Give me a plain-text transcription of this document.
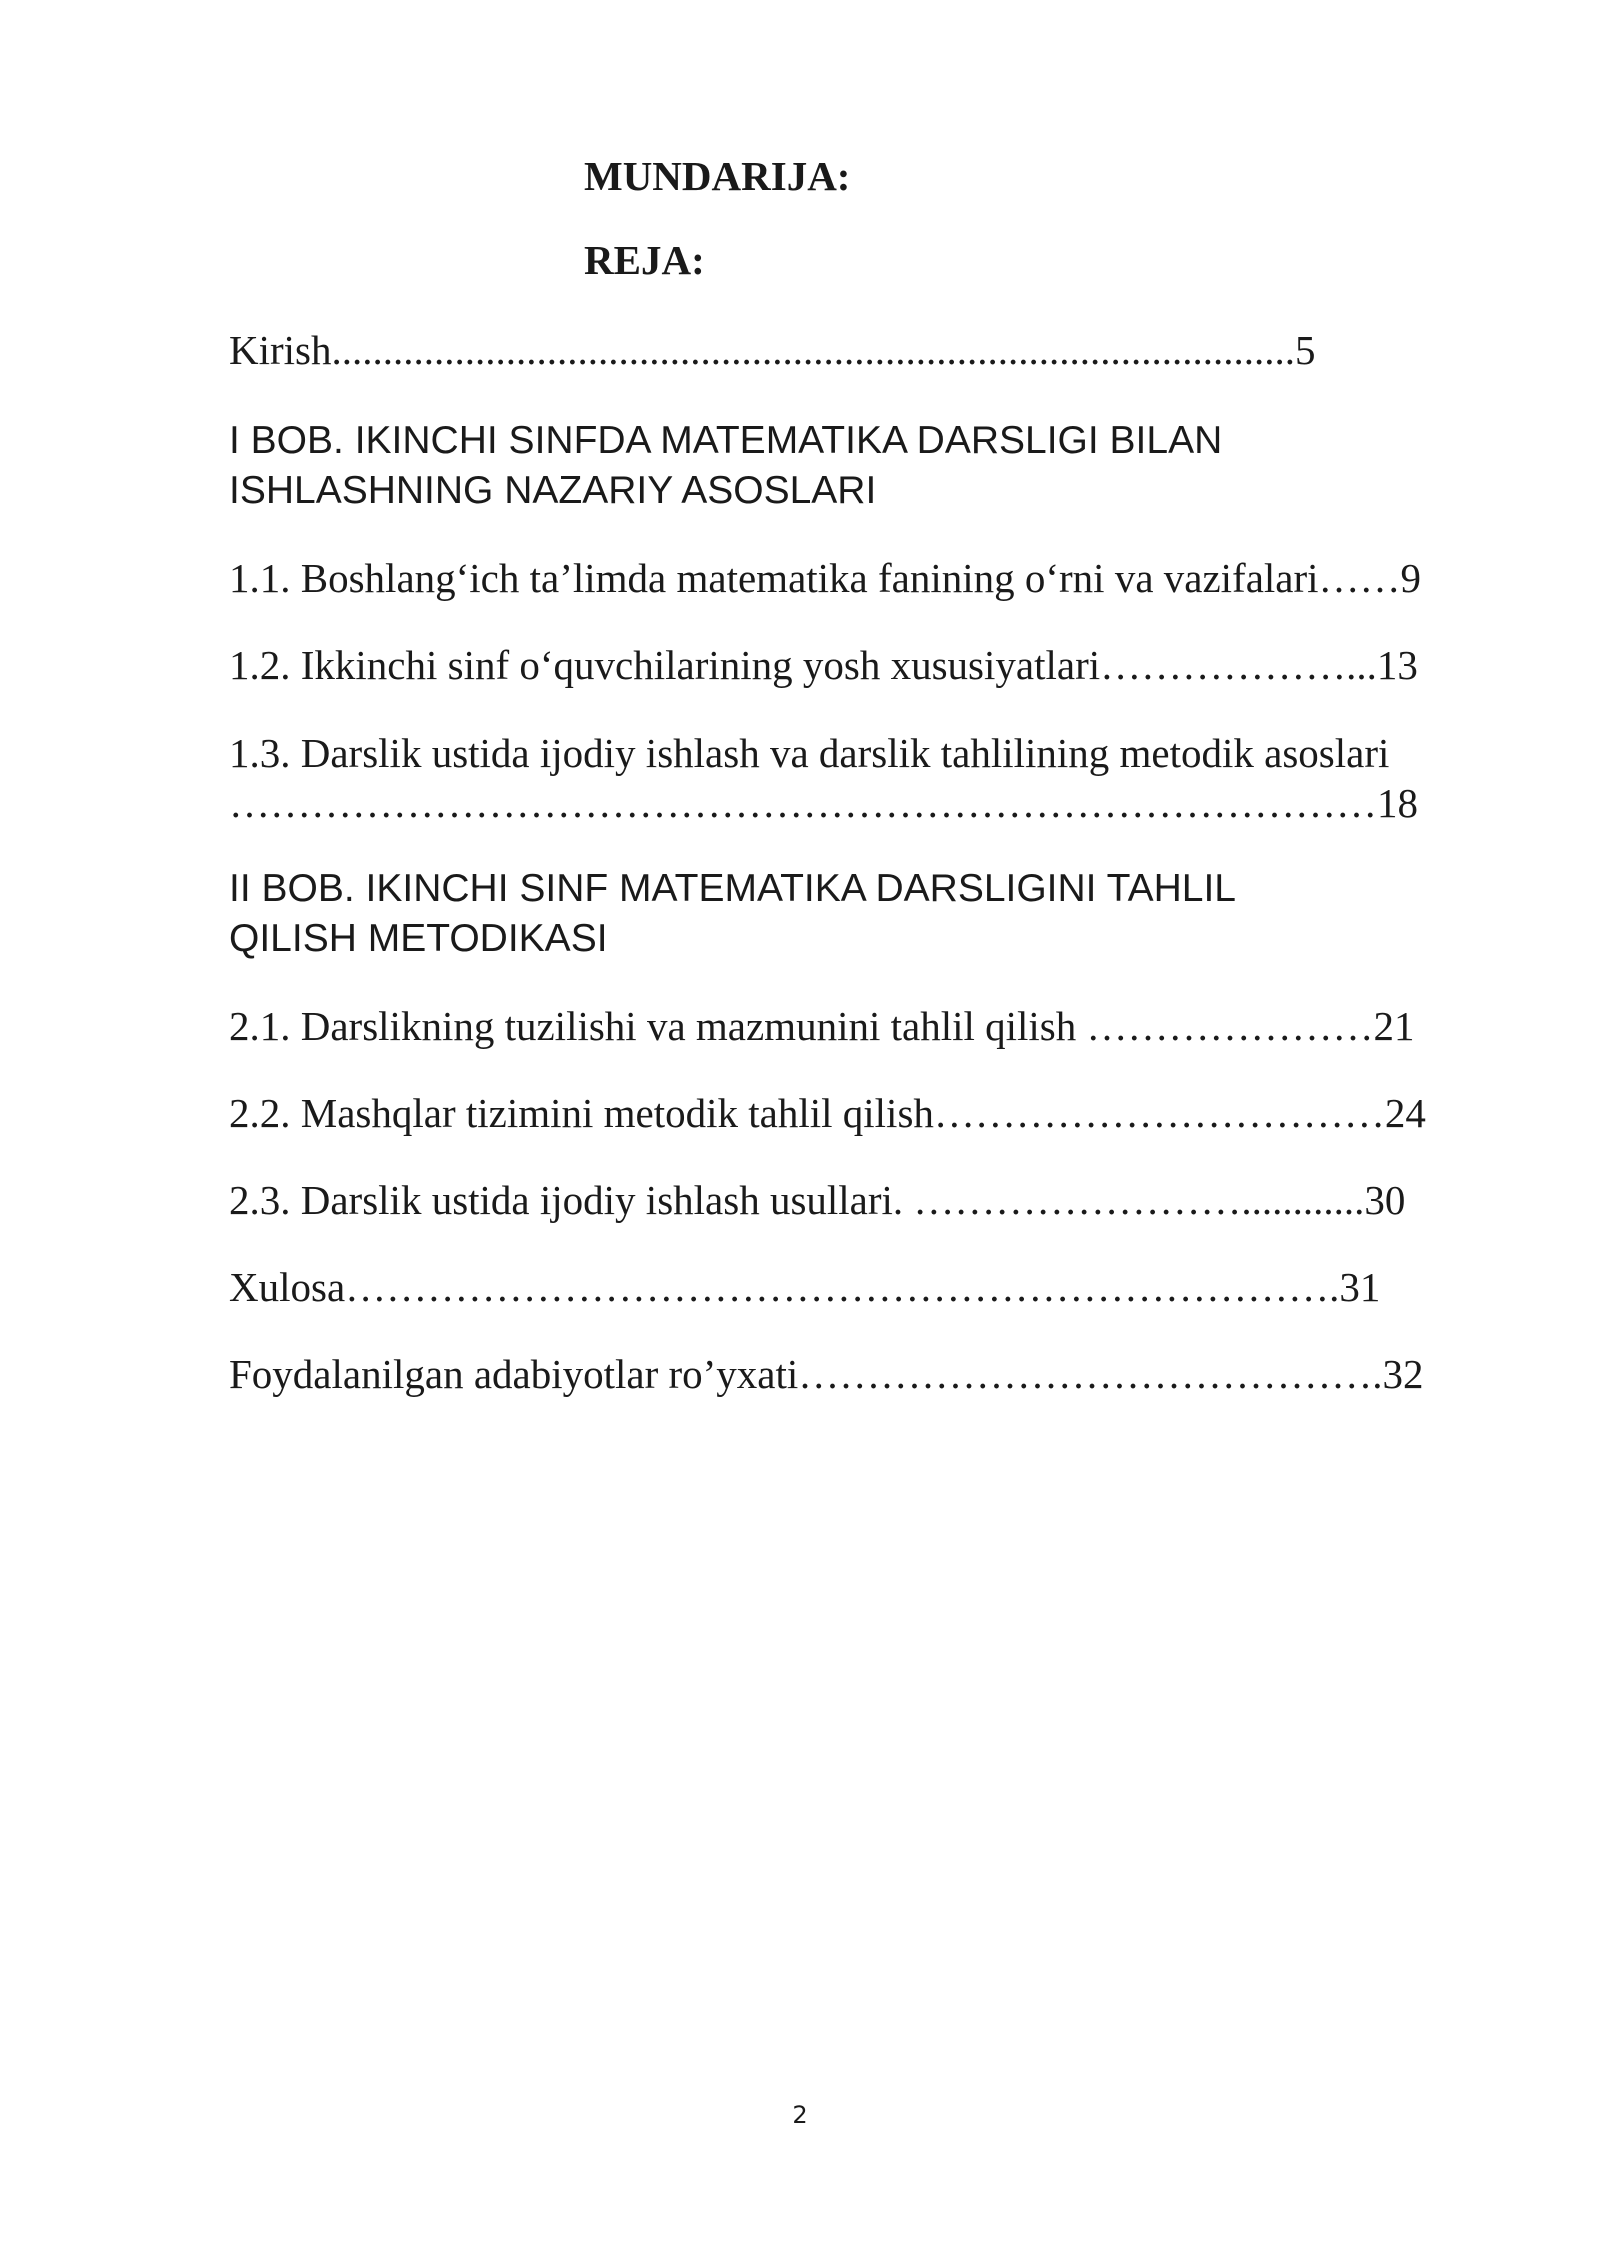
MUNDARIJA:
REJA:

Kirish..............................................................................................5

I BOB. IKINCHI SINFDA MATEMATIKA DARSLIGI BILAN
ISHLASHNING NAZARIY ASOSLARI

1.1. Boshlang‘ich ta’limda matematika fanining o‘rni va vazifalari……9

1.2. Ikkinchi sinf o‘quvchilarining yosh xususiyatlari………………...13

1.3. Darslik ustida ijodiy ishlash va darslik tahlilining metodik asoslari

…………………………………………………………………………18

II BOB. IKINCHI SINF MATEMATIKA DARSLIGINI TAHLIL
QILISH METODIKASI

2.1. Darslikning tuzilishi va mazmunini tahlil qilish …………………21

2.2. Mashqlar tizimini metodik tahlil qilish……………………………24

2.3. Darslik ustida ijodiy ishlash usullari. ……………………............30

Xulosa……………………………………………………………….31

Foydalanilgan adabiyotlar ro’yxati…………………………………….32

2
